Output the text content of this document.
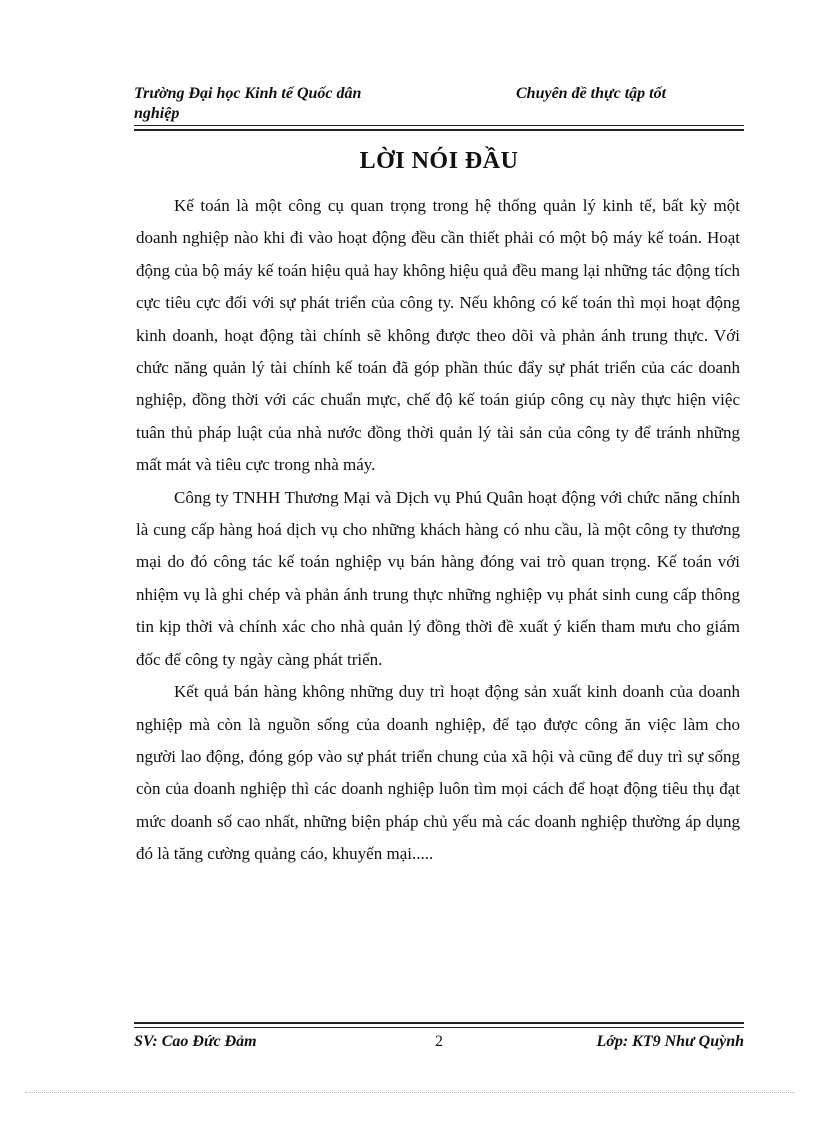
Trường Đại học Kinh tế Quốc dân nghiệp
Chuyên đề thực tập tốt
LỜI NÓI ĐẦU

Kế toán là một công cụ quan trọng trong hệ thống quản lý kinh tế, bất kỳ một doanh nghiệp nào khi đi vào hoạt động đều cần thiết phải có một bộ máy kế toán. Hoạt động của bộ máy kế toán hiệu quả hay không hiệu quả đều mang lại những tác động tích cực tiêu cực đối với sự phát triển của công ty. Nếu không có kế toán thì mọi hoạt động kinh doanh, hoạt động tài chính sẽ không được theo dõi và phản ánh trung thực. Với chức năng quản lý tài chính kế toán đã góp phần thúc đẩy sự phát triển của các doanh nghiệp, đồng thời với các chuẩn mực, chế độ kế toán giúp công cụ này thực hiện việc tuân thủ pháp luật của nhà nước đồng thời quản lý tài sản của công ty để tránh những mất mát và tiêu cực trong nhà máy.

Công ty TNHH Thương Mại và Dịch vụ Phú Quân hoạt động với chức năng chính là cung cấp hàng hoá dịch vụ cho những khách hàng có nhu cầu, là một công ty thương mại do đó công tác kế toán nghiệp vụ bán hàng đóng vai trò quan trọng. Kế toán với nhiệm vụ là ghi chép và phản ánh trung thực những nghiệp vụ phát sinh cung cấp thông tin kịp thời và chính xác cho nhà quản lý đồng thời đề xuất ý kiến tham mưu cho giám đốc để công ty ngày càng phát triển.

Kết quả bán hàng không những duy trì hoạt động sản xuất kinh doanh của doanh nghiệp mà còn là nguồn sống của doanh nghiệp, để tạo được công ăn việc làm cho người lao động, đóng góp vào sự phát triển chung của xã hội và cũng để duy trì sự sống còn của doanh nghiệp thì các doanh nghiệp luôn tìm mọi cách để hoạt động tiêu thụ đạt mức doanh số cao nhất, những biện pháp chủ yếu mà các doanh nghiệp thường áp dụng đó là tăng cường quảng cáo, khuyến mại.....

SV: Cao Đức Đảm	2	Lớp: KT9 Như Quỳnh
